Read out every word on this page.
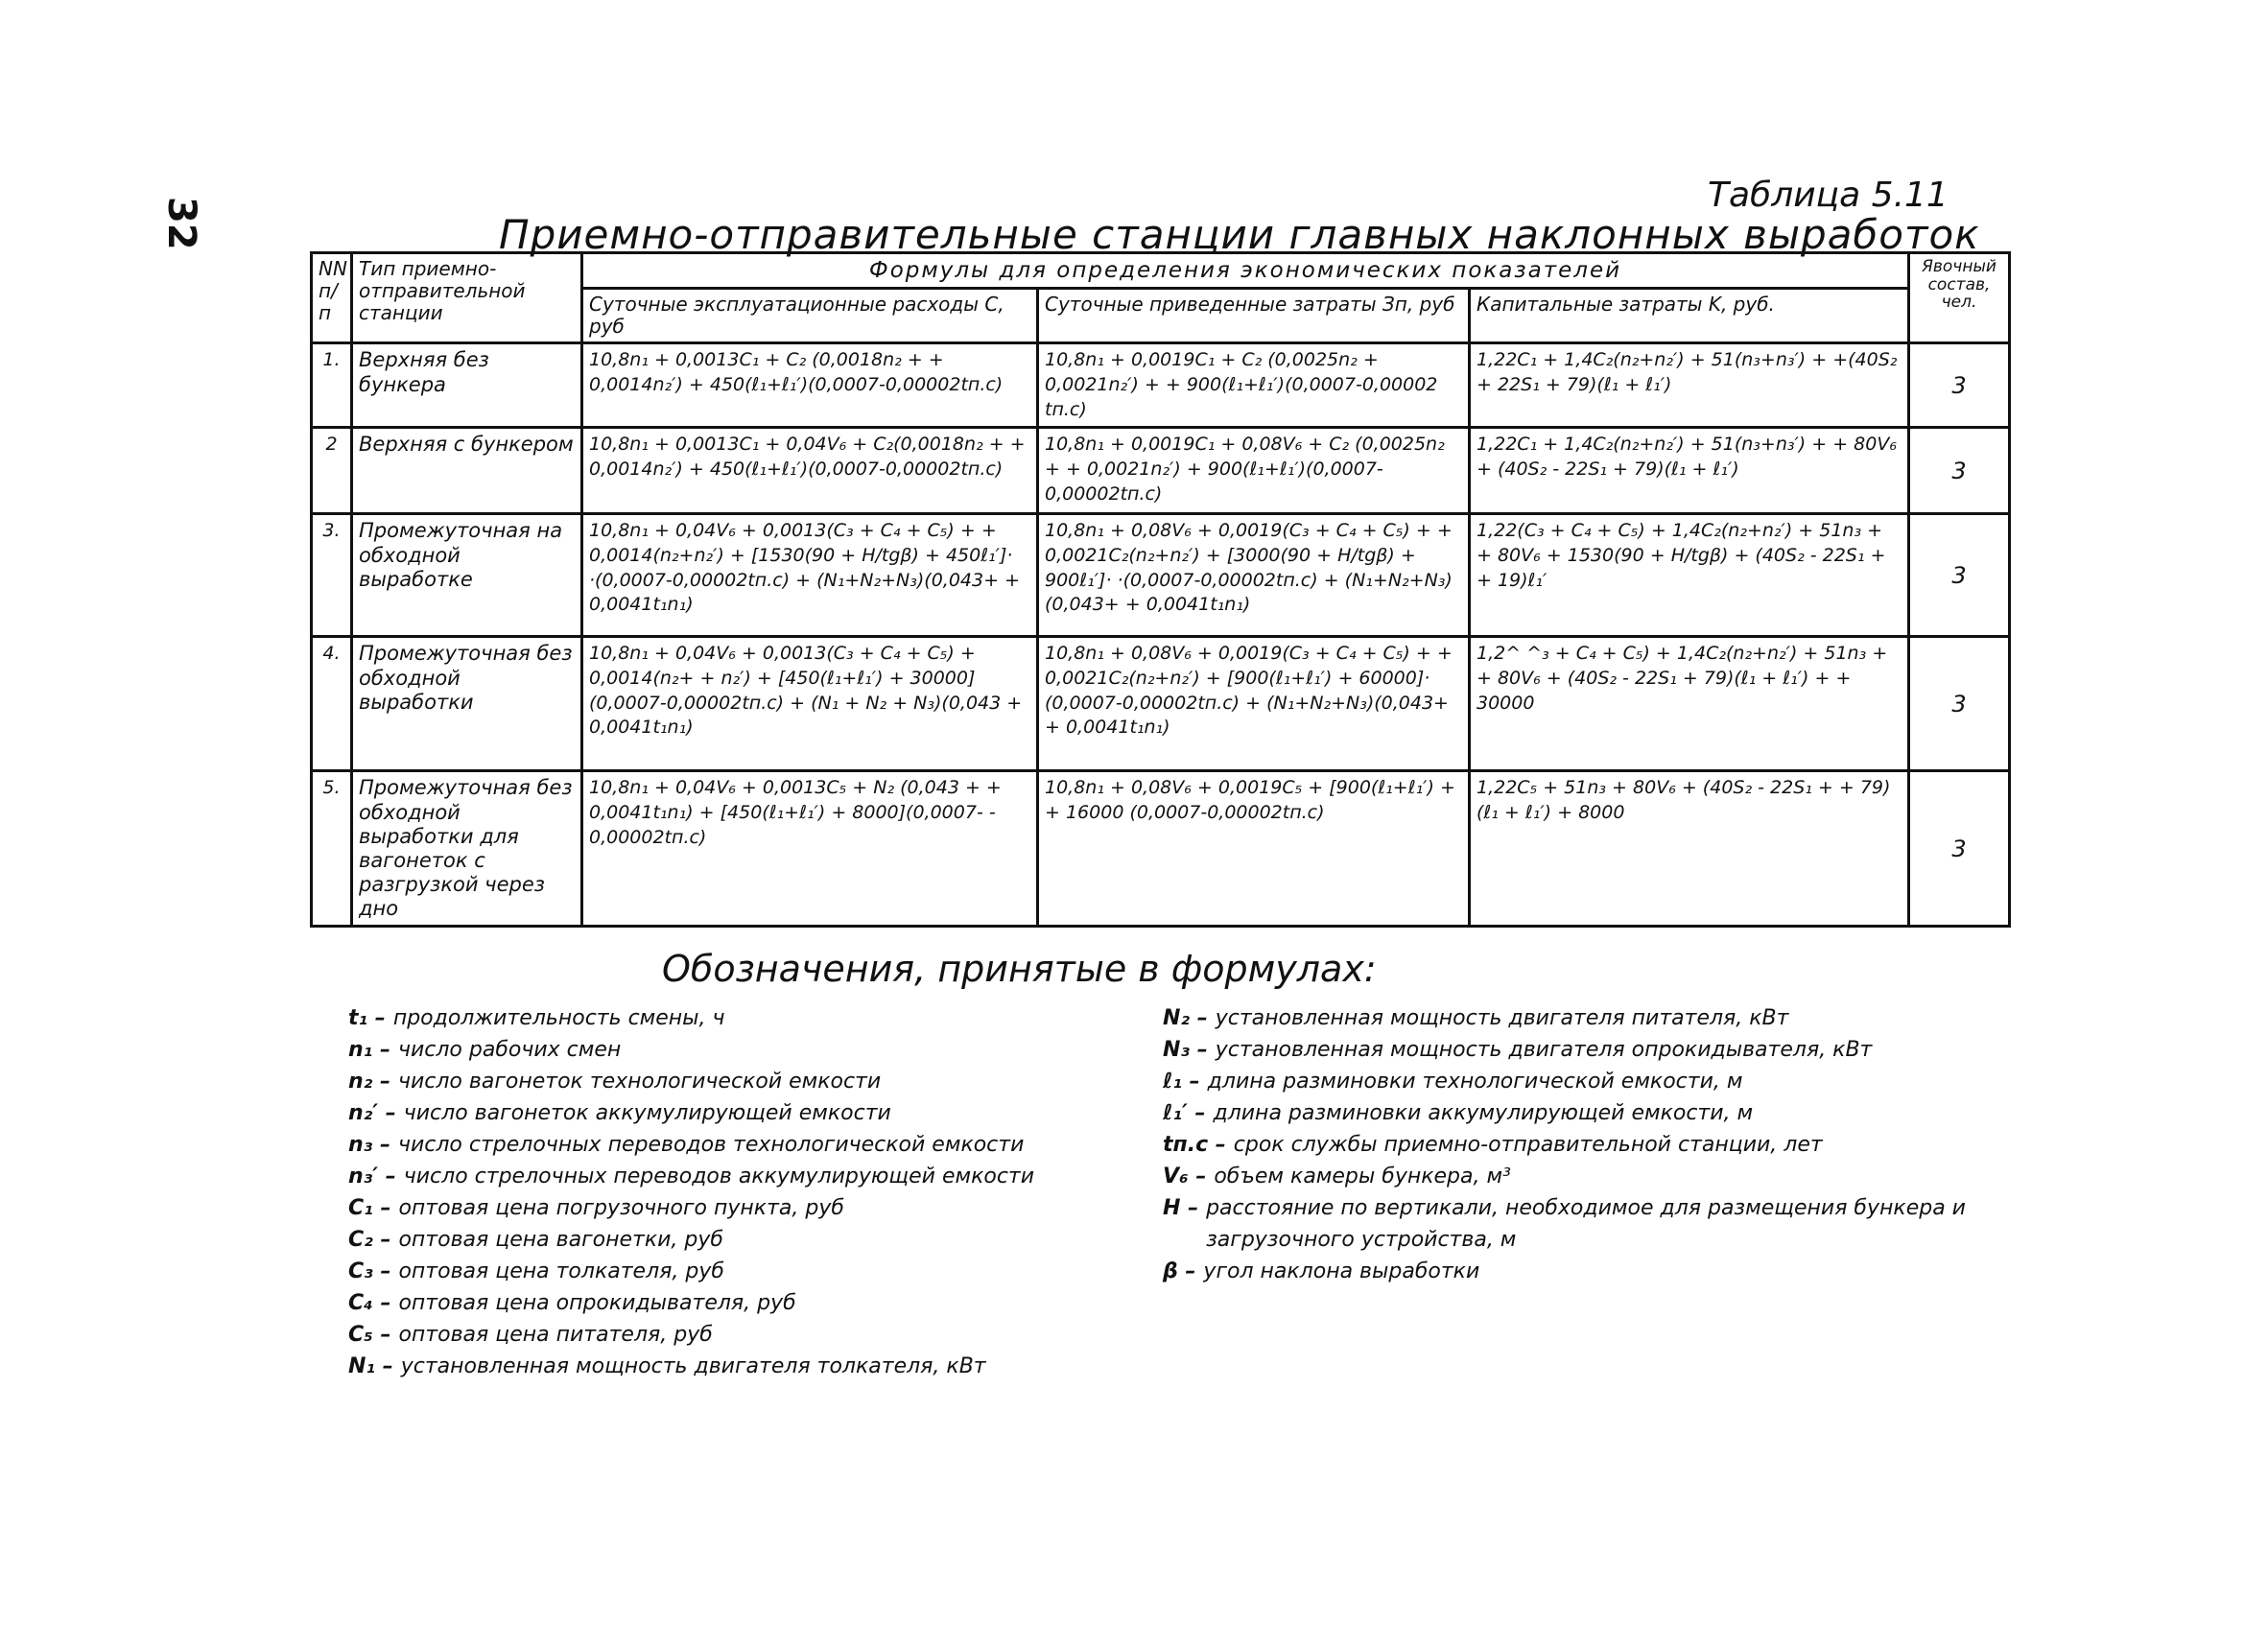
32
Таблица 5.11
Приемно-отправительные станции главных наклонных выработок
NN п/п	Тип приемно-отправительной станции	Формулы для определения экономических показателей			Явочный состав, чел.
		Суточные эксплуатационные расходы C, руб	Суточные приведенные затраты Зп, руб	Капитальные затраты K, руб.	
1.	Верхняя без бункера	10,8n₁ + 0,0013C₁ + C₂ (0,0018n₂ + + 0,0014n₂′) + 450(ℓ₁+ℓ₁′)(0,0007-0,00002tп.с)	10,8n₁ + 0,0019C₁ + C₂ (0,0025n₂ + 0,0021n₂′) + + 900(ℓ₁+ℓ₁′)(0,0007-0,00002 tп.с)	1,22C₁ + 1,4C₂(n₂+n₂′) + 51(n₃+n₃′) + +(40S₂ + 22S₁ + 79)(ℓ₁ + ℓ₁′)	3
2	Верхняя с бункером	10,8n₁ + 0,0013C₁ + 0,04V₆ + C₂(0,0018n₂ + + 0,0014n₂′) + 450(ℓ₁+ℓ₁′)(0,0007-0,00002tп.с)	10,8n₁ + 0,0019C₁ + 0,08V₆ + C₂ (0,0025n₂ + + 0,0021n₂′) + 900(ℓ₁+ℓ₁′)(0,0007-0,00002tп.с)	1,22C₁ + 1,4C₂(n₂+n₂′) + 51(n₃+n₃′) + + 80V₆ + (40S₂ - 22S₁ + 79)(ℓ₁ + ℓ₁′)	3
3.	Промежуточная на обходной выработке	10,8n₁ + 0,04V₆ + 0,0013(C₃ + C₄ + C₅) + + 0,0014(n₂+n₂′) + [1530(90 + H/tgβ) + 450ℓ₁′]· ·(0,0007-0,00002tп.с) + (N₁+N₂+N₃)(0,043+ + 0,0041t₁n₁)	10,8n₁ + 0,08V₆ + 0,0019(C₃ + C₄ + C₅) + + 0,0021C₂(n₂+n₂′) + [3000(90 + H/tgβ) + 900ℓ₁′]· ·(0,0007-0,00002tп.с) + (N₁+N₂+N₃)(0,043+ + 0,0041t₁n₁)	1,22(C₃ + C₄ + C₅) + 1,4C₂(n₂+n₂′) + 51n₃ + + 80V₆ + 1530(90 + H/tgβ) + (40S₂ - 22S₁ + + 19)ℓ₁′	3
4.	Промежуточная без обходной выработки	10,8n₁ + 0,04V₆ + 0,0013(C₃ + C₄ + C₅) + 0,0014(n₂+ + n₂′) + [450(ℓ₁+ℓ₁′) + 30000](0,0007-0,00002tп.с) + (N₁ + N₂ + N₃)(0,043 + 0,0041t₁n₁)	10,8n₁ + 0,08V₆ + 0,0019(C₃ + C₄ + C₅) + + 0,0021C₂(n₂+n₂′) + [900(ℓ₁+ℓ₁′) + 60000]· (0,0007-0,00002tп.с) + (N₁+N₂+N₃)(0,043+ + 0,0041t₁n₁)	1,2^ ^₃ + C₄ + C₅) + 1,4C₂(n₂+n₂′) + 51n₃ + + 80V₆ + (40S₂ - 22S₁ + 79)(ℓ₁ + ℓ₁′) + + 30000	3
5.	Промежуточная без обходной выработки для вагонеток с разгрузкой через дно	10,8n₁ + 0,04V₆ + 0,0013C₅ + N₂ (0,043 + + 0,0041t₁n₁) + [450(ℓ₁+ℓ₁′) + 8000](0,0007- - 0,00002tп.с)	10,8n₁ + 0,08V₆ + 0,0019C₅ + [900(ℓ₁+ℓ₁′) + + 16000 (0,0007-0,00002tп.с)	1,22C₅ + 51n₃ + 80V₆ + (40S₂ - 22S₁ + + 79)(ℓ₁ + ℓ₁′) + 8000	3
Обозначения, принятые в формулах:
t₁ – продолжительность смены, ч
n₁ – число рабочих смен
n₂ – число вагонеток технологической емкости
n₂′ – число вагонеток аккумулирующей емкости
n₃ – число стрелочных переводов технологической емкости
n₃′ – число стрелочных переводов аккумулирующей емкости
C₁ – оптовая цена погрузочного пункта, руб
C₂ – оптовая цена вагонетки, руб
C₃ – оптовая цена толкателя, руб
C₄ – оптовая цена опрокидывателя, руб
C₅ – оптовая цена питателя, руб
N₁ – установленная мощность двигателя толкателя, кВт
N₂ – установленная мощность двигателя питателя, кВт
N₃ – установленная мощность двигателя опрокидывателя, кВт
ℓ₁ – длина разминовки технологической емкости, м
ℓ₁′ – длина разминовки аккумулирующей емкости, м
tп.с – срок службы приемно-отправительной станции, лет
V₆ – объем камеры бункера, м³
H – расстояние по вертикали, необходимое для размещения бункера и загрузочного устройства, м
β – угол наклона выработки
